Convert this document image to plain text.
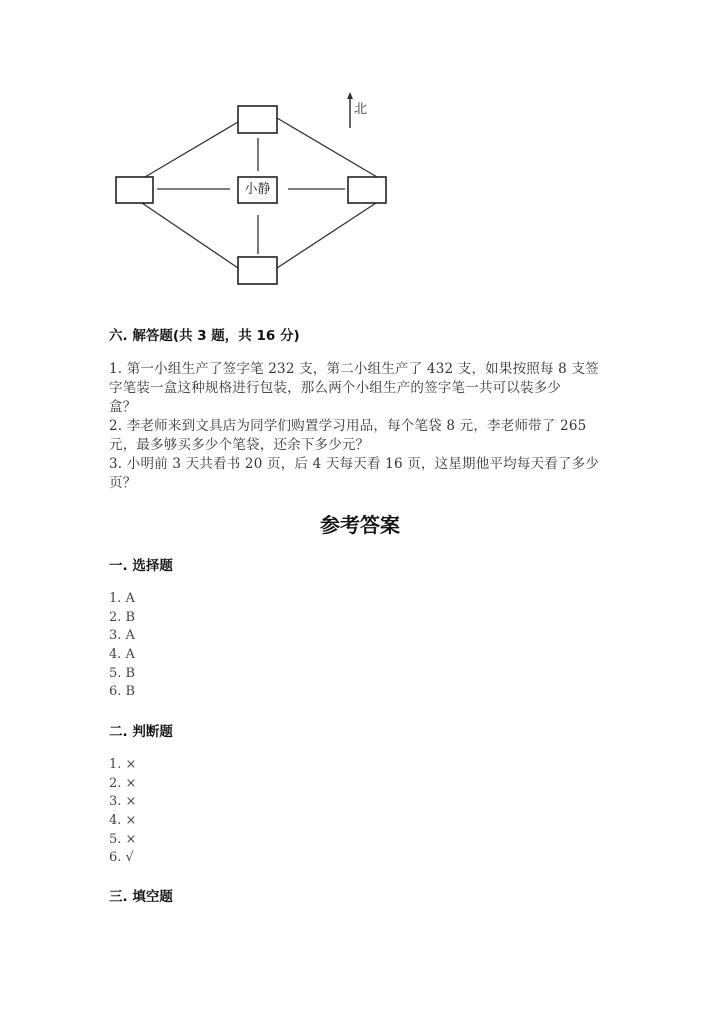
小静
北
六. 解答题(共 3 题，共 16 分)
1. 第一小组生产了签字笔 232 支，第二小组生产了 432 支，如果按照每 8 支签
字笔装一盒这种规格进行包装，那么两个小组生产的签字笔一共可以装多少
盒？
2. 李老师来到文具店为同学们购置学习用品，每个笔袋 8 元，李老师带了 265
元，最多够买多少个笔袋，还余下多少元？
3. 小明前 3 天共看书 20 页，后 4 天每天看 16 页，这星期他平均每天看了多少
页？
参考答案
一. 选择题
1. A
2. B
3. A
4. A
5. B
6. B
二. 判断题
1. ×
2. ×
3. ×
4. ×
5. ×
6. √
三. 填空题
